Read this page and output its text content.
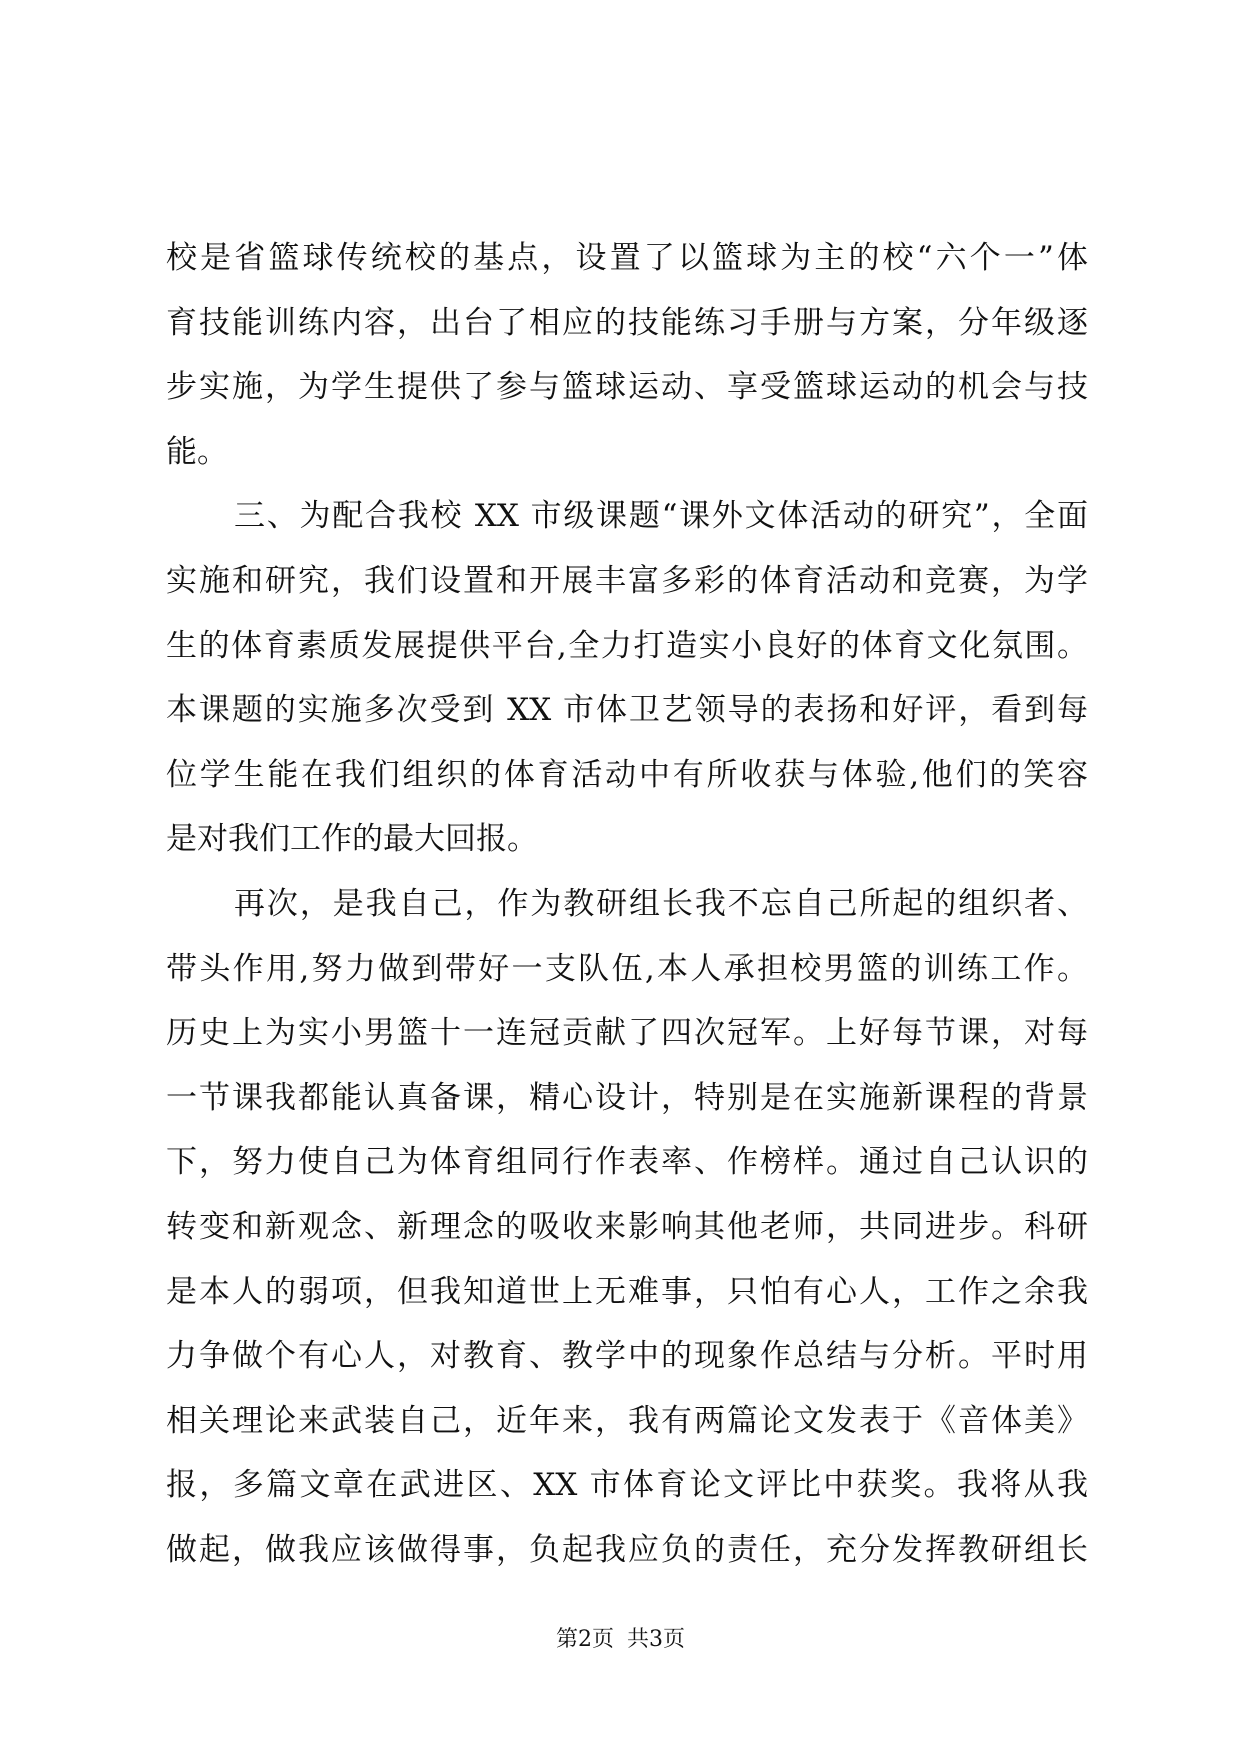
校是省篮球传统校的基点，设置了以篮球为主的校“六个一”体
育技能训练内容，出台了相应的技能练习手册与方案，分年级逐
步实施，为学生提供了参与篮球运动、享受篮球运动的机会与技
能。
三、为配合我校 XX 市级课题“课外文体活动的研究”，全面
实施和研究，我们设置和开展丰富多彩的体育活动和竞赛，为学
生的体育素质发展提供平台,全力打造实小良好的体育文化氛围。
本课题的实施多次受到 XX 市体卫艺领导的表扬和好评，看到每
位学生能在我们组织的体育活动中有所收获与体验,他们的笑容
是对我们工作的最大回报。
再次，是我自己，作为教研组长我不忘自己所起的组织者、
带头作用,努力做到带好一支队伍,本人承担校男篮的训练工作。
历史上为实小男篮十一连冠贡献了四次冠军。上好每节课，对每
一节课我都能认真备课，精心设计，特别是在实施新课程的背景
下，努力使自己为体育组同行作表率、作榜样。通过自己认识的
转变和新观念、新理念的吸收来影响其他老师，共同进步。科研
是本人的弱项，但我知道世上无难事，只怕有心人，工作之余我
力争做个有心人，对教育、教学中的现象作总结与分析。平时用
相关理论来武装自己，近年来，我有两篇论文发表于《音体美》
报，多篇文章在武进区、XX 市体育论文评比中获奖。我将从我
做起，做我应该做得事，负起我应负的责任，充分发挥教研组长
第2页 共3页
